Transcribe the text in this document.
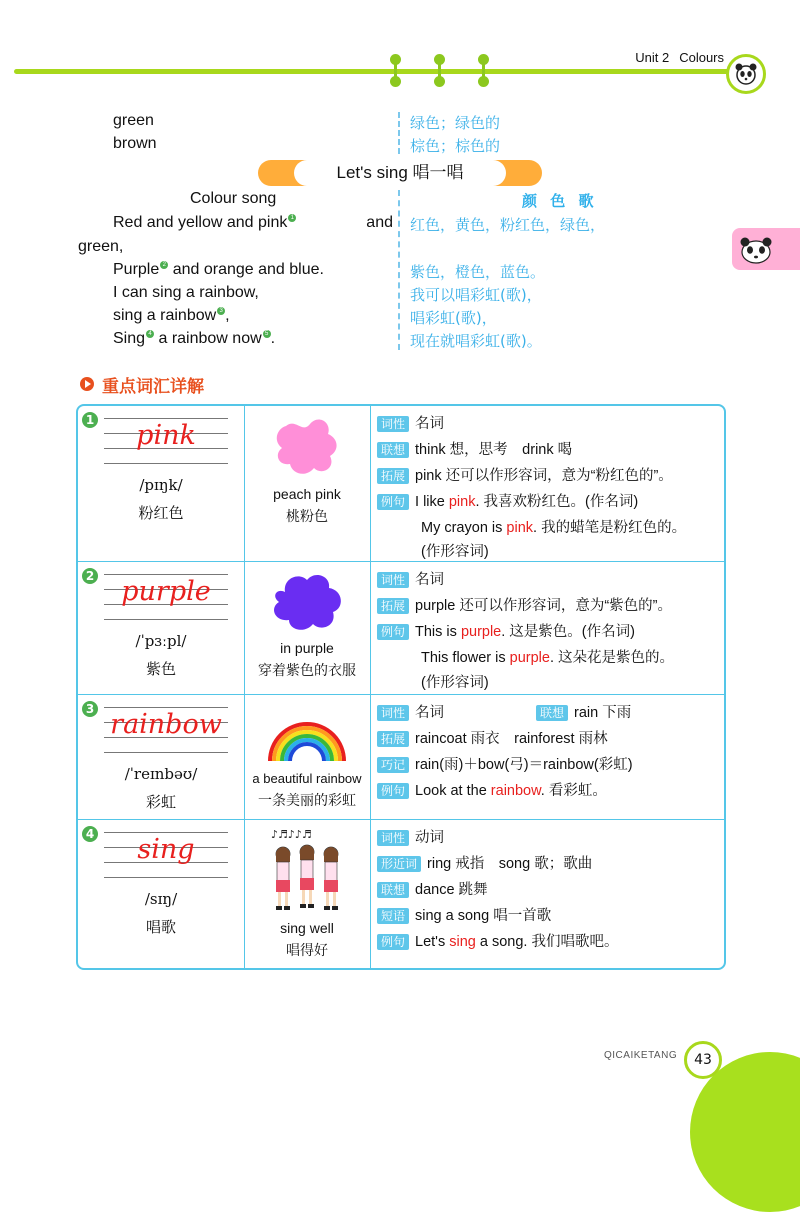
Unit 2 Colours
green	绿色；绿色的
brown	棕色；棕色的
Let's sing 唱一唱
Colour song	颜 色 歌
Red and yellow and pink $^1$	and
green,
红色，黄色，粉红色，绿色，
Purple $^2$ and orange and blue.	紫色，橙色，蓝色。
I can sing a rainbow,	我可以唱彩虹(歌)，
sing a rainbow $^3$ ,	唱彩虹(歌)，
Sing $^4$ a rainbow now $^5$ .	现在就唱彩虹(歌)。
重点词汇详解
1	pink
/pɪŋk/
粉红色
peach pink
桃粉色
词性 名词
联想 think 想，思考　drink 喝
拓展 pink 还可以作形容词，意为“粉红色的”。
例句 I like pink. 我喜欢粉红色。(作名词)
My crayon is pink. 我的蜡笔是粉红色的。
(作形容词)
2	purple
/ˈpɜːpl/
紫色
in purple
穿着紫色的衣服
词性 名词
拓展 purple 还可以作形容词，意为“紫色的”。
例句 This is purple. 这是紫色。(作名词)
This flower is purple. 这朵花是紫色的。
(作形容词)
3 rainbow
/ˈreɪnbəʊ/
彩虹
a beautiful rainbow
一条美丽的彩虹
词性 名词	联想 rain 下雨
拓展 raincoat 雨衣　rainforest 雨林
巧记 rain(雨)＋bow(弓)＝rainbow(彩虹)
例句 Look at the rainbow. 看彩虹。
4	sing
/sɪŋ/
唱歌
♪♬♪♪♬
sing well
唱得好
词性 动词
形近词 ring 戒指　song 歌；歌曲
联想 dance 跳舞
短语 sing a song 唱一首歌
例句 Let's sing a song. 我们唱歌吧。
QICAIKETANG	43
